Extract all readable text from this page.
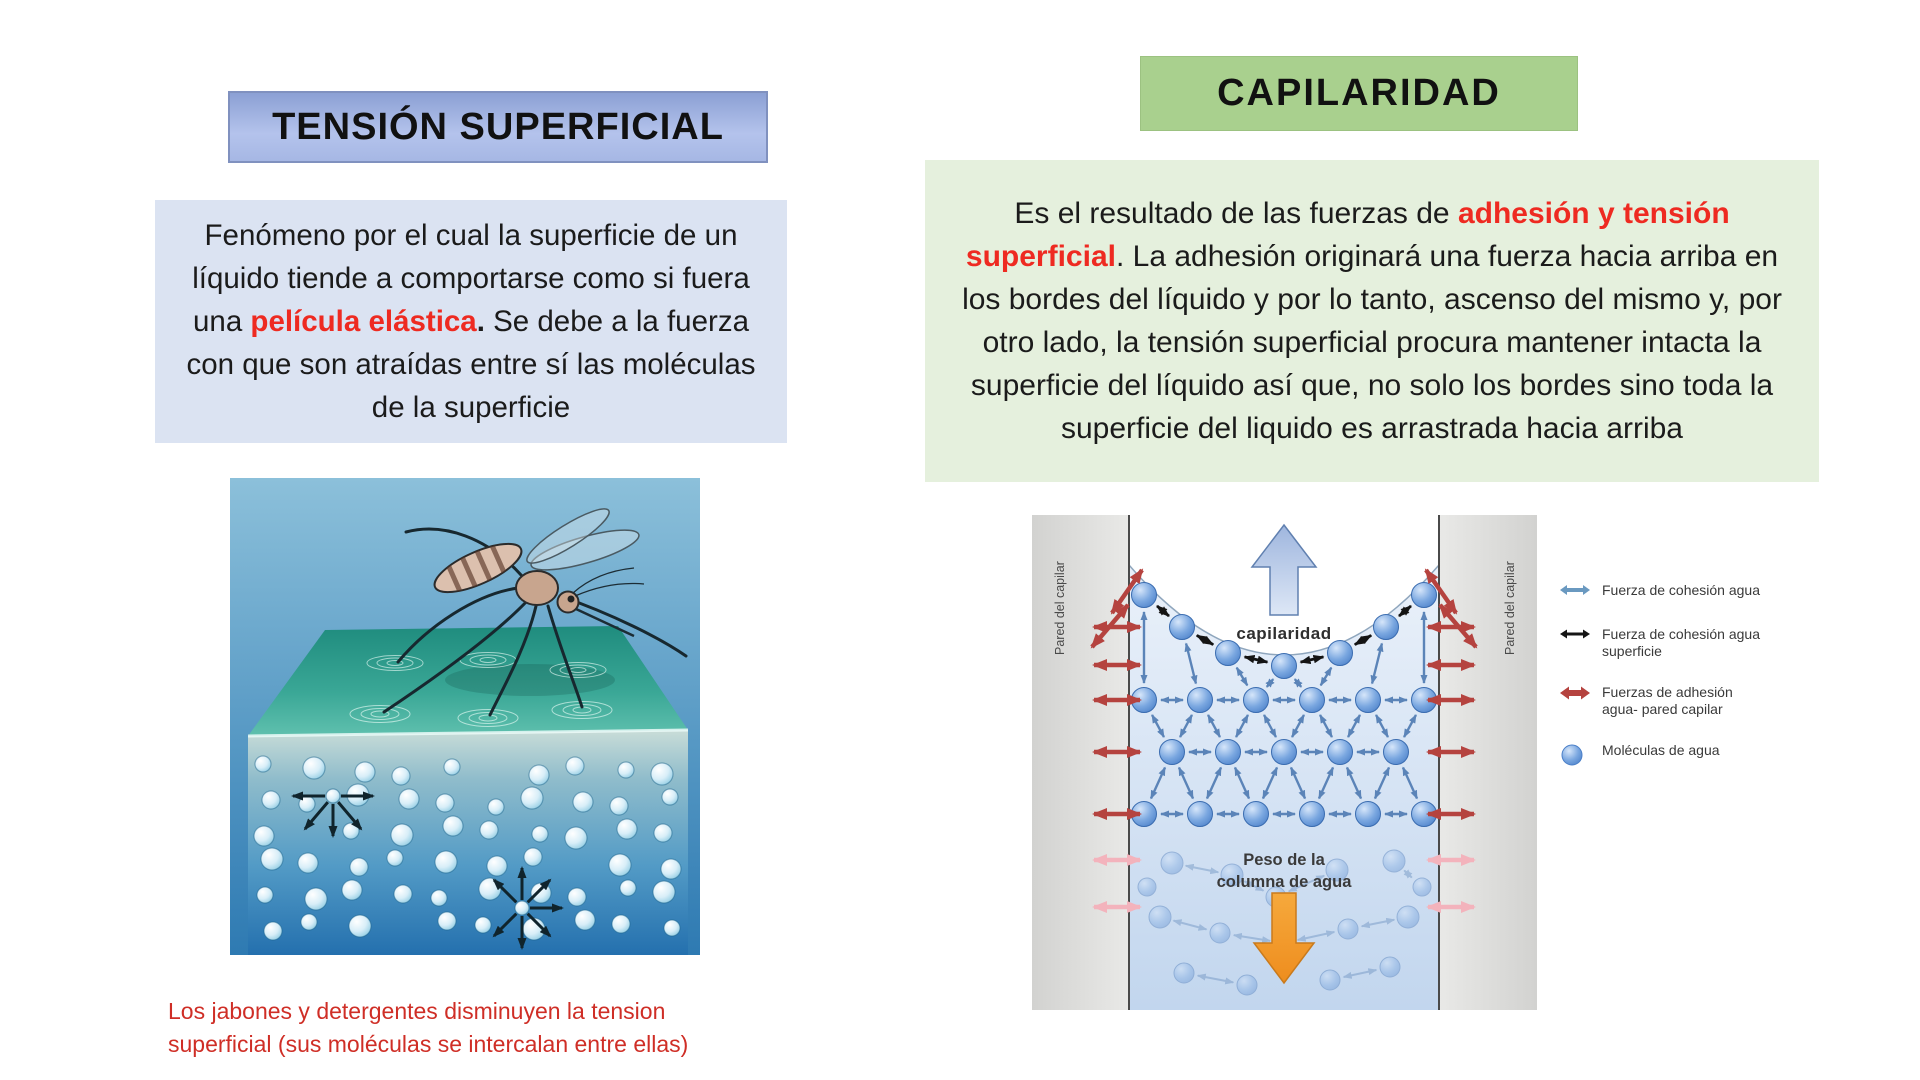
TENSIÓN SUPERFICIAL

Fenómeno por el cual la superficie de un líquido tiende a comportarse como si fuera una película elástica. Se debe a la fuerza con que son atraídas entre sí las moléculas de la superficie

Los jabones y detergentes disminuyen la tension
superficial (sus moléculas se intercalan entre ellas)
CAPILARIDAD

Es el resultado de las fuerzas de adhesión y tensión superficial. La adhesión originará una fuerza hacia arriba en los bordes del líquido y por lo tanto, ascenso del mismo y, por otro lado, la tensión superficial procura mantener intacta la superficie del líquido así que, no solo los bordes sino toda la superficie del liquido es arrastrada hacia arriba

capilaridad
Peso de la
columna de agua
Pared del capilar	Pared del capilar	Fuerza de cohesión agua
Fuerza de cohesión agua superficie
Fuerzas de adhesión agua- pared capilar
Moléculas de agua
